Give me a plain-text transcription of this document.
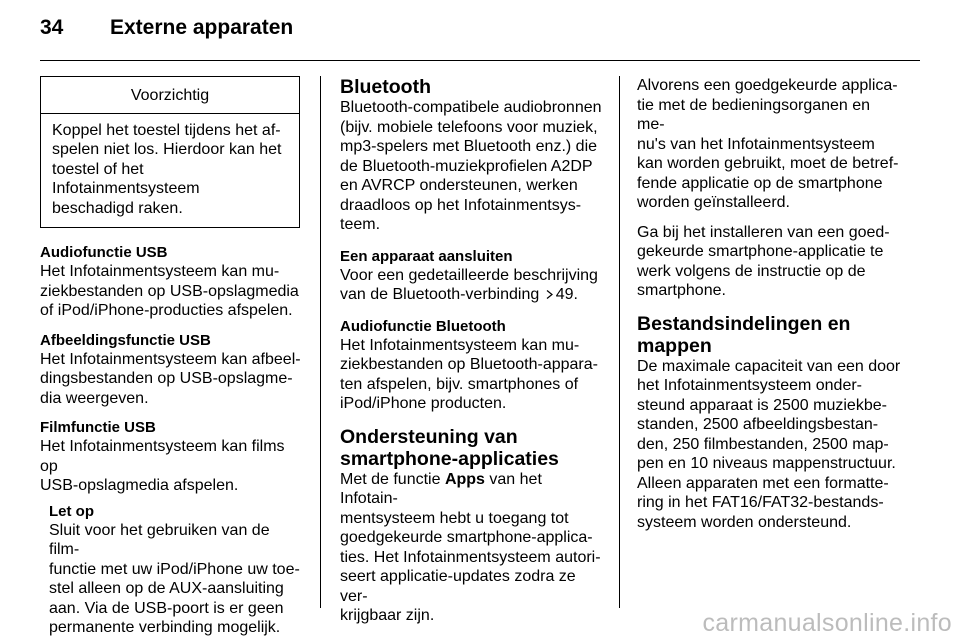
34 Externe apparaten
Voorzichtig
Koppel het toestel tijdens het af-
spelen niet los. Hierdoor kan het
toestel of het Infotainmentsysteem
beschadigd raken.
Audiofunctie USB
Het Infotainmentsysteem kan mu-
ziekbestanden op USB-opslagmedia
of iPod/iPhone-producties afspelen.
Afbeeldingsfunctie USB
Het Infotainmentsysteem kan afbeel-
dingsbestanden op USB-opslagme-
dia weergeven.
Filmfunctie USB
Het Infotainmentsysteem kan films op
USB-opslagmedia afspelen.
Let op
Sluit voor het gebruiken van de film-
functie met uw iPod/iPhone uw toe-
stel alleen op de AUX-aansluiting
aan. Via de USB-poort is er geen
permanente verbinding mogelijk.
Bluetooth
Bluetooth-compatibele audiobronnen
(bijv. mobiele telefoons voor muziek,
mp3-spelers met Bluetooth enz.) die
de Bluetooth-muziekprofielen A2DP
en AVRCP ondersteunen, werken
draadloos op het Infotainmentsys-
teem.
Een apparaat aansluiten
Voor een gedetailleerde beschrijving
van de Bluetooth-verbinding 49.
Audiofunctie Bluetooth
Het Infotainmentsysteem kan mu-
ziekbestanden op Bluetooth-appara-
ten afspelen, bijv. smartphones of
iPod/iPhone producten.
Ondersteuning van
smartphone-applicaties
Met de functie Apps van het Infotain-
mentsysteem hebt u toegang tot
goedgekeurde smartphone-applica-
ties. Het Infotainmentsysteem autori-
seert applicatie-updates zodra ze ver-
krijgbaar zijn.
Alvorens een goedgekeurde applica-
tie met de bedieningsorganen en me-
nu's van het Infotainmentsysteem
kan worden gebruikt, moet de betref-
fende applicatie op de smartphone
worden geïnstalleerd.
Ga bij het installeren van een goed-
gekeurde smartphone-applicatie te
werk volgens de instructie op de
smartphone.
Bestandsindelingen en mappen
De maximale capaciteit van een door
het Infotainmentsysteem onder-
steund apparaat is 2500 muziekbe-
standen, 2500 afbeeldingsbestan-
den, 250 filmbestanden, 2500 map-
pen en 10 niveaus mappenstructuur.
Alleen apparaten met een formatte-
ring in het FAT16/FAT32-bestands-
systeem worden ondersteund.
carmanualsonline.info
